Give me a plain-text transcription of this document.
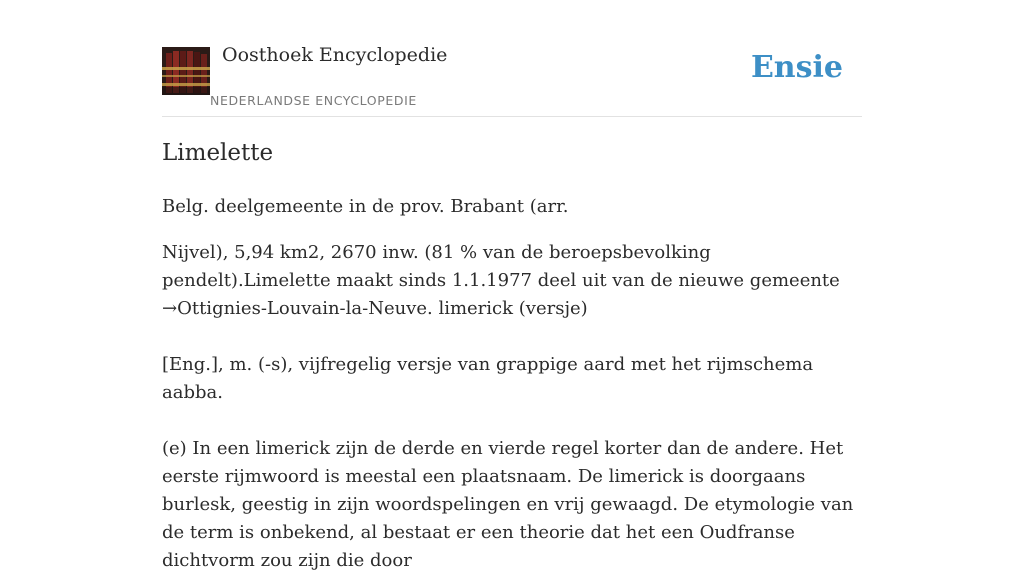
Oosthoek Encyclopedie
NEDERLANDSE ENCYCLOPEDIE
Ensie
Limelette

Belg. deelgemeente in de prov. Brabant (arr.

Nijvel), 5,94 km2, 2670 inw. (81 % van de beroepsbevolking pendelt).Limelette maakt sinds 1.1.1977 deel uit van de nieuwe gemeente →Ottignies-Louvain-la-Neuve. limerick (versje)

[Eng.], m. (-s), vijfregelig versje van grappige aard met het rijmschema aabba.

(e) In een limerick zijn de derde en vierde regel korter dan de andere. Het eerste rijmwoord is meestal een plaatsnaam. De limerick is doorgaans burlesk, geestig in zijn woordspelingen en vrij gewaagd. De etymologie van de term is onbekend, al bestaat er een theorie dat het een Oudfranse dichtvorm zou zijn die door
